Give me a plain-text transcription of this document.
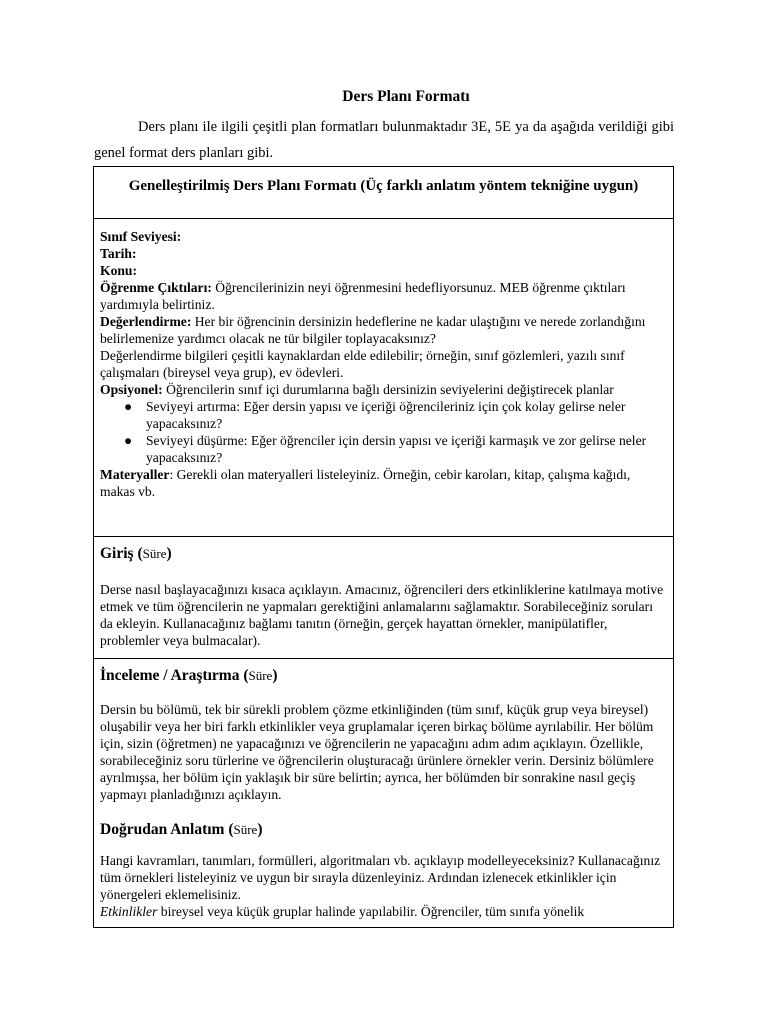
Ders Planı Formatı
Ders planı ile ilgili çeşitli plan formatları bulunmaktadır 3E, 5E ya da aşağıda verildiği gibi genel format ders planları gibi.
Genelleştirilmiş Ders Planı Formatı (Üç farklı anlatım yöntem tekniğine uygun)

Sınıf Seviyesi:

Tarih:

Konu:

Öğrenme Çıktıları: Öğrencilerinizin neyi öğrenmesini hedefliyorsunuz. MEB öğrenme çıktıları yardımıyla belirtiniz.

Değerlendirme: Her bir öğrencinin dersinizin hedeflerine ne kadar ulaştığını ve nerede zorlandığını belirlemenize yardımcı olacak ne tür bilgiler toplayacaksınız?

Değerlendirme bilgileri çeşitli kaynaklardan elde edilebilir; örneğin, sınıf gözlemleri, yazılı sınıf çalışmaları (bireysel veya grup), ev ödevleri.

Opsiyonel: Öğrencilerin sınıf içi durumlarına bağlı dersinizin seviyelerini değiştirecek planlar

● Seviyeyi artırma: Eğer dersin yapısı ve içeriği öğrencileriniz için çok kolay gelirse neler yapacaksınız?
● Seviyeyi düşürme: Eğer öğrenciler için dersin yapısı ve içeriği karmaşık ve zor gelirse neler yapacaksınız?

Materyaller: Gerekli olan materyalleri listeleyiniz. Örneğin, cebir karoları, kitap, çalışma kağıdı, makas vb.

Giriş (Süre)

Derse nasıl başlayacağınızı kısaca açıklayın. Amacınız, öğrencileri ders etkinliklerine katılmaya motive etmek ve tüm öğrencilerin ne yapmaları gerektiğini anlamalarını sağlamaktır. Sorabileceğiniz soruları da ekleyin. Kullanacağınız bağlamı tanıtın (örneğin, gerçek hayattan örnekler, manipülatifler, problemler veya bulmacalar).

İnceleme / Araştırma (Süre)

Dersin bu bölümü, tek bir sürekli problem çözme etkinliğinden (tüm sınıf, küçük grup veya bireysel) oluşabilir veya her biri farklı etkinlikler veya gruplamalar içeren birkaç bölüme ayrılabilir. Her bölüm için, sizin (öğretmen) ne yapacağınızı ve öğrencilerin ne yapacağını adım adım açıklayın. Özellikle, sorabileceğiniz soru türlerine ve öğrencilerin oluşturacağı ürünlere örnekler verin. Dersiniz bölümlere ayrılmışsa, her bölüm için yaklaşık bir süre belirtin; ayrıca, her bölümden bir sonrakine nasıl geçiş yapmayı planladığınızı açıklayın.

Doğrudan Anlatım (Süre)

Hangi kavramları, tanımları, formülleri, algoritmaları vb. açıklayıp modelleyeceksiniz? Kullanacağınız tüm örnekleri listeleyiniz ve uygun bir sırayla düzenleyiniz. Ardından izlenecek etkinlikler için yönergeleri eklemelisiniz.

Etkinlikler bireysel veya küçük gruplar halinde yapılabilir. Öğrenciler, tüm sınıfa yönelik
